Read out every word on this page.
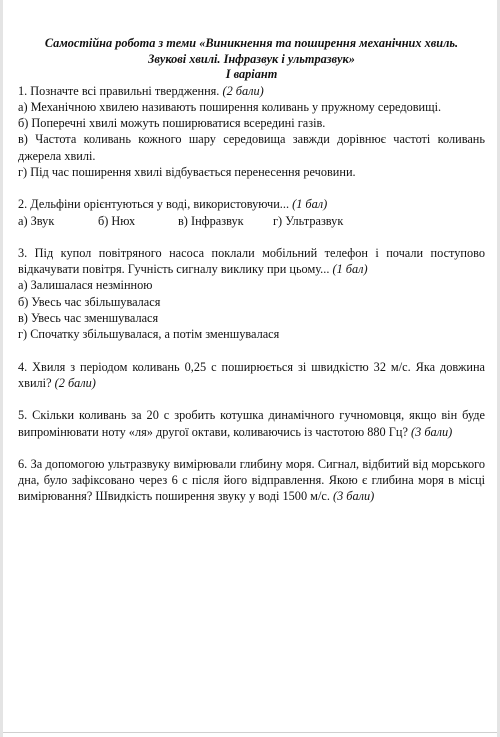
Самостійна робота з теми «Виникнення та поширення механічних хвиль.
Звукові хвилі. Інфразвук і ультразвук»
І варіант

1. Позначте всі правильні твердження. (2 бали)

а) Механічною хвилею називають поширення коливань у пружному середовищі.

б) Поперечні хвилі можуть поширюватися всередині газів.

в) Частота коливань кожного шару середовища завжди дорівнює частоті коливань джерела хвилі.

г) Під час поширення хвилі відбувається перенесення речовини.

2. Дельфіни орієнтуються у воді, використовуючи... (1 бал)

а) Звук	б) Нюх	в) Інфразвук	г) Ультразвук

3. Під купол повітряного насоса поклали мобільний телефон і почали поступово відкачувати повітря. Гучність сигналу виклику при цьому... (1 бал)

а) Залишалася незмінною

б) Увесь час збільшувалася

в) Увесь час зменшувалася

г) Спочатку збільшувалася, а потім зменшувалася

4. Хвиля з періодом коливань 0,25 с поширюється зі швидкістю 32 м/с. Яка довжина хвилі? (2 бали)

5. Скільки коливань за 20 с зробить котушка динамічного гучномовця, якщо він буде випромінювати ноту «ля» другої октави, коливаючись із частотою 880 Гц? (3 бали)

6. За допомогою ультразвуку вимірювали глибину моря. Сигнал, відбитий від морського дна, було зафіксовано через 6 с після його відправлення. Якою є глибина моря в місці вимірювання? Швидкість поширення звуку у воді 1500 м/с. (3 бали)
